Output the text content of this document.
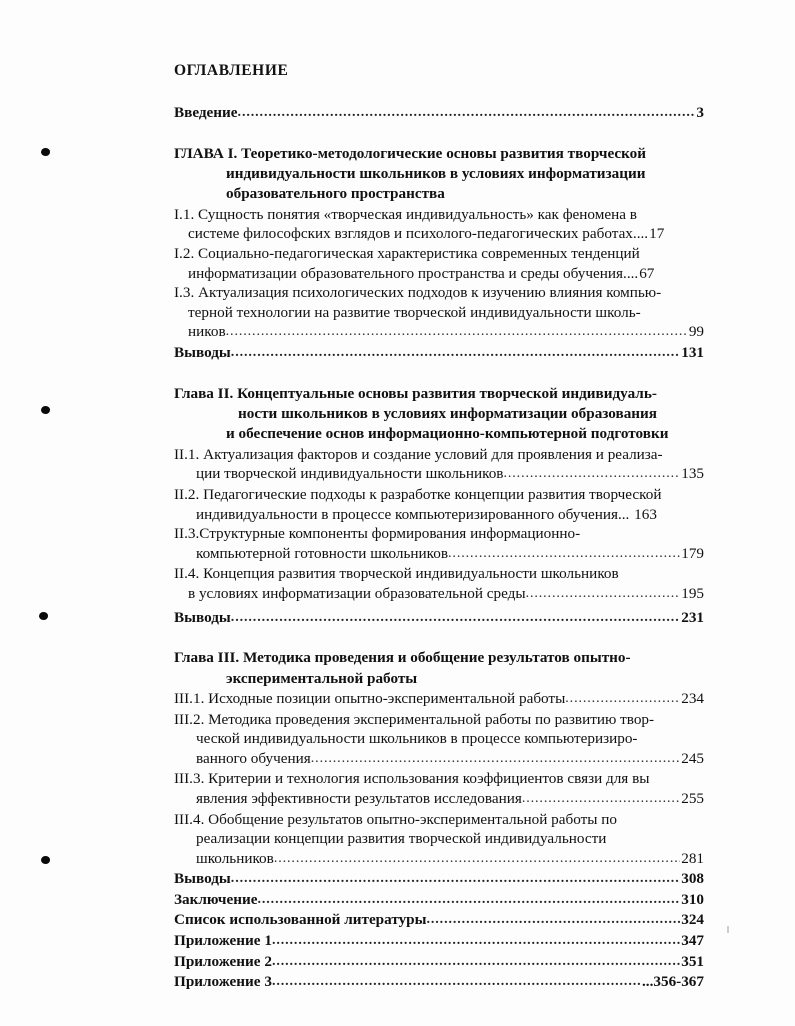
ОГЛАВЛЕНИЕ
Введение .....	3
ГЛАВА I. Теоретико-методологические основы развития творческой
индивидуальности школьников в условиях информатизации
образовательного пространства
I.1. Сущность понятия «творческая индивидуальность» как феномена в
системе философских взглядов и психолого-педагогических работах .... 17
I.2. Социально-педагогическая характеристика современных тенденций
информатизации образовательного пространства и среды обучения .... 67
I.3. Актуализация психологических подходов к изучению влияния компью-
терной технологии на развитие творческой индивидуальности школь-
ников .....	99
Выводы .....	131
Глава II. Концептуальные основы развития творческой индивидуаль-
ности школьников в условиях информатизации образования
и обеспечение основ информационно-компьютерной подготовки
II.1. Актуализация факторов и создание условий для проявления и реализа-
ции творческой индивидуальности школьников .....	135
II.2. Педагогические подходы к разработке концепции развития творческой
индивидуальности в процессе компьютеризированного обучения ... 163
II.3.Структурные компоненты формирования информационно-
компьютерной готовности школьников .....	179
II.4. Концепция развития творческой индивидуальности школьников
в условиях информатизации образовательной среды .....	195
Выводы .....	231
Глава III. Методика проведения и обобщение результатов опытно-
экспериментальной работы
III.1. Исходные позиции опытно-экспериментальной работы .....	234
III.2. Методика проведения экспериментальной работы по развитию твор-
ческой индивидуальности школьников в процессе компьютеризиро-
ванного обучения .....	245
III.3. Критерии и технология использования коэффициентов связи для вы
явления эффективности результатов исследования .....	255
III.4. Обобщение результатов опытно-экспериментальной работы по
реализации концепции развития творческой индивидуальности
школьников .....	281
Выводы .....	308
Заключение .....	310
Список использованной литературы .....	324
Приложение 1 .....	347
Приложение 2 .....	351
Приложение 3 .....	...356-367
